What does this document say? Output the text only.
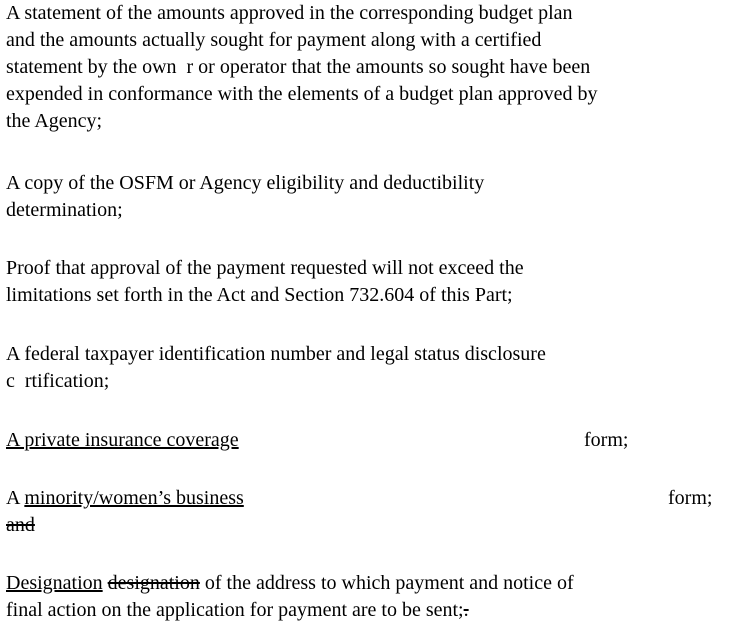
A statement of the amounts approved in the corresponding budget plan
and the amounts actually sought for payment along with a certified
statement by the own  r or operator that the amounts so sought have been
expended in conformance with the elements of a budget plan approved by
the Agency;
A copy of the OSFM or Agency eligibility and deductibility
determination;
Proof that approval of the payment requested will not exceed the
limitations set forth in the Act and Section 732.604 of this Part;
A federal taxpayer identification number and legal status disclosure
c  rtification;
A private insurance coverage	form;
A minority/women’s business	form;
and
Designation designation of the address to which payment and notice of
final action on the application for payment are to be sent;.
